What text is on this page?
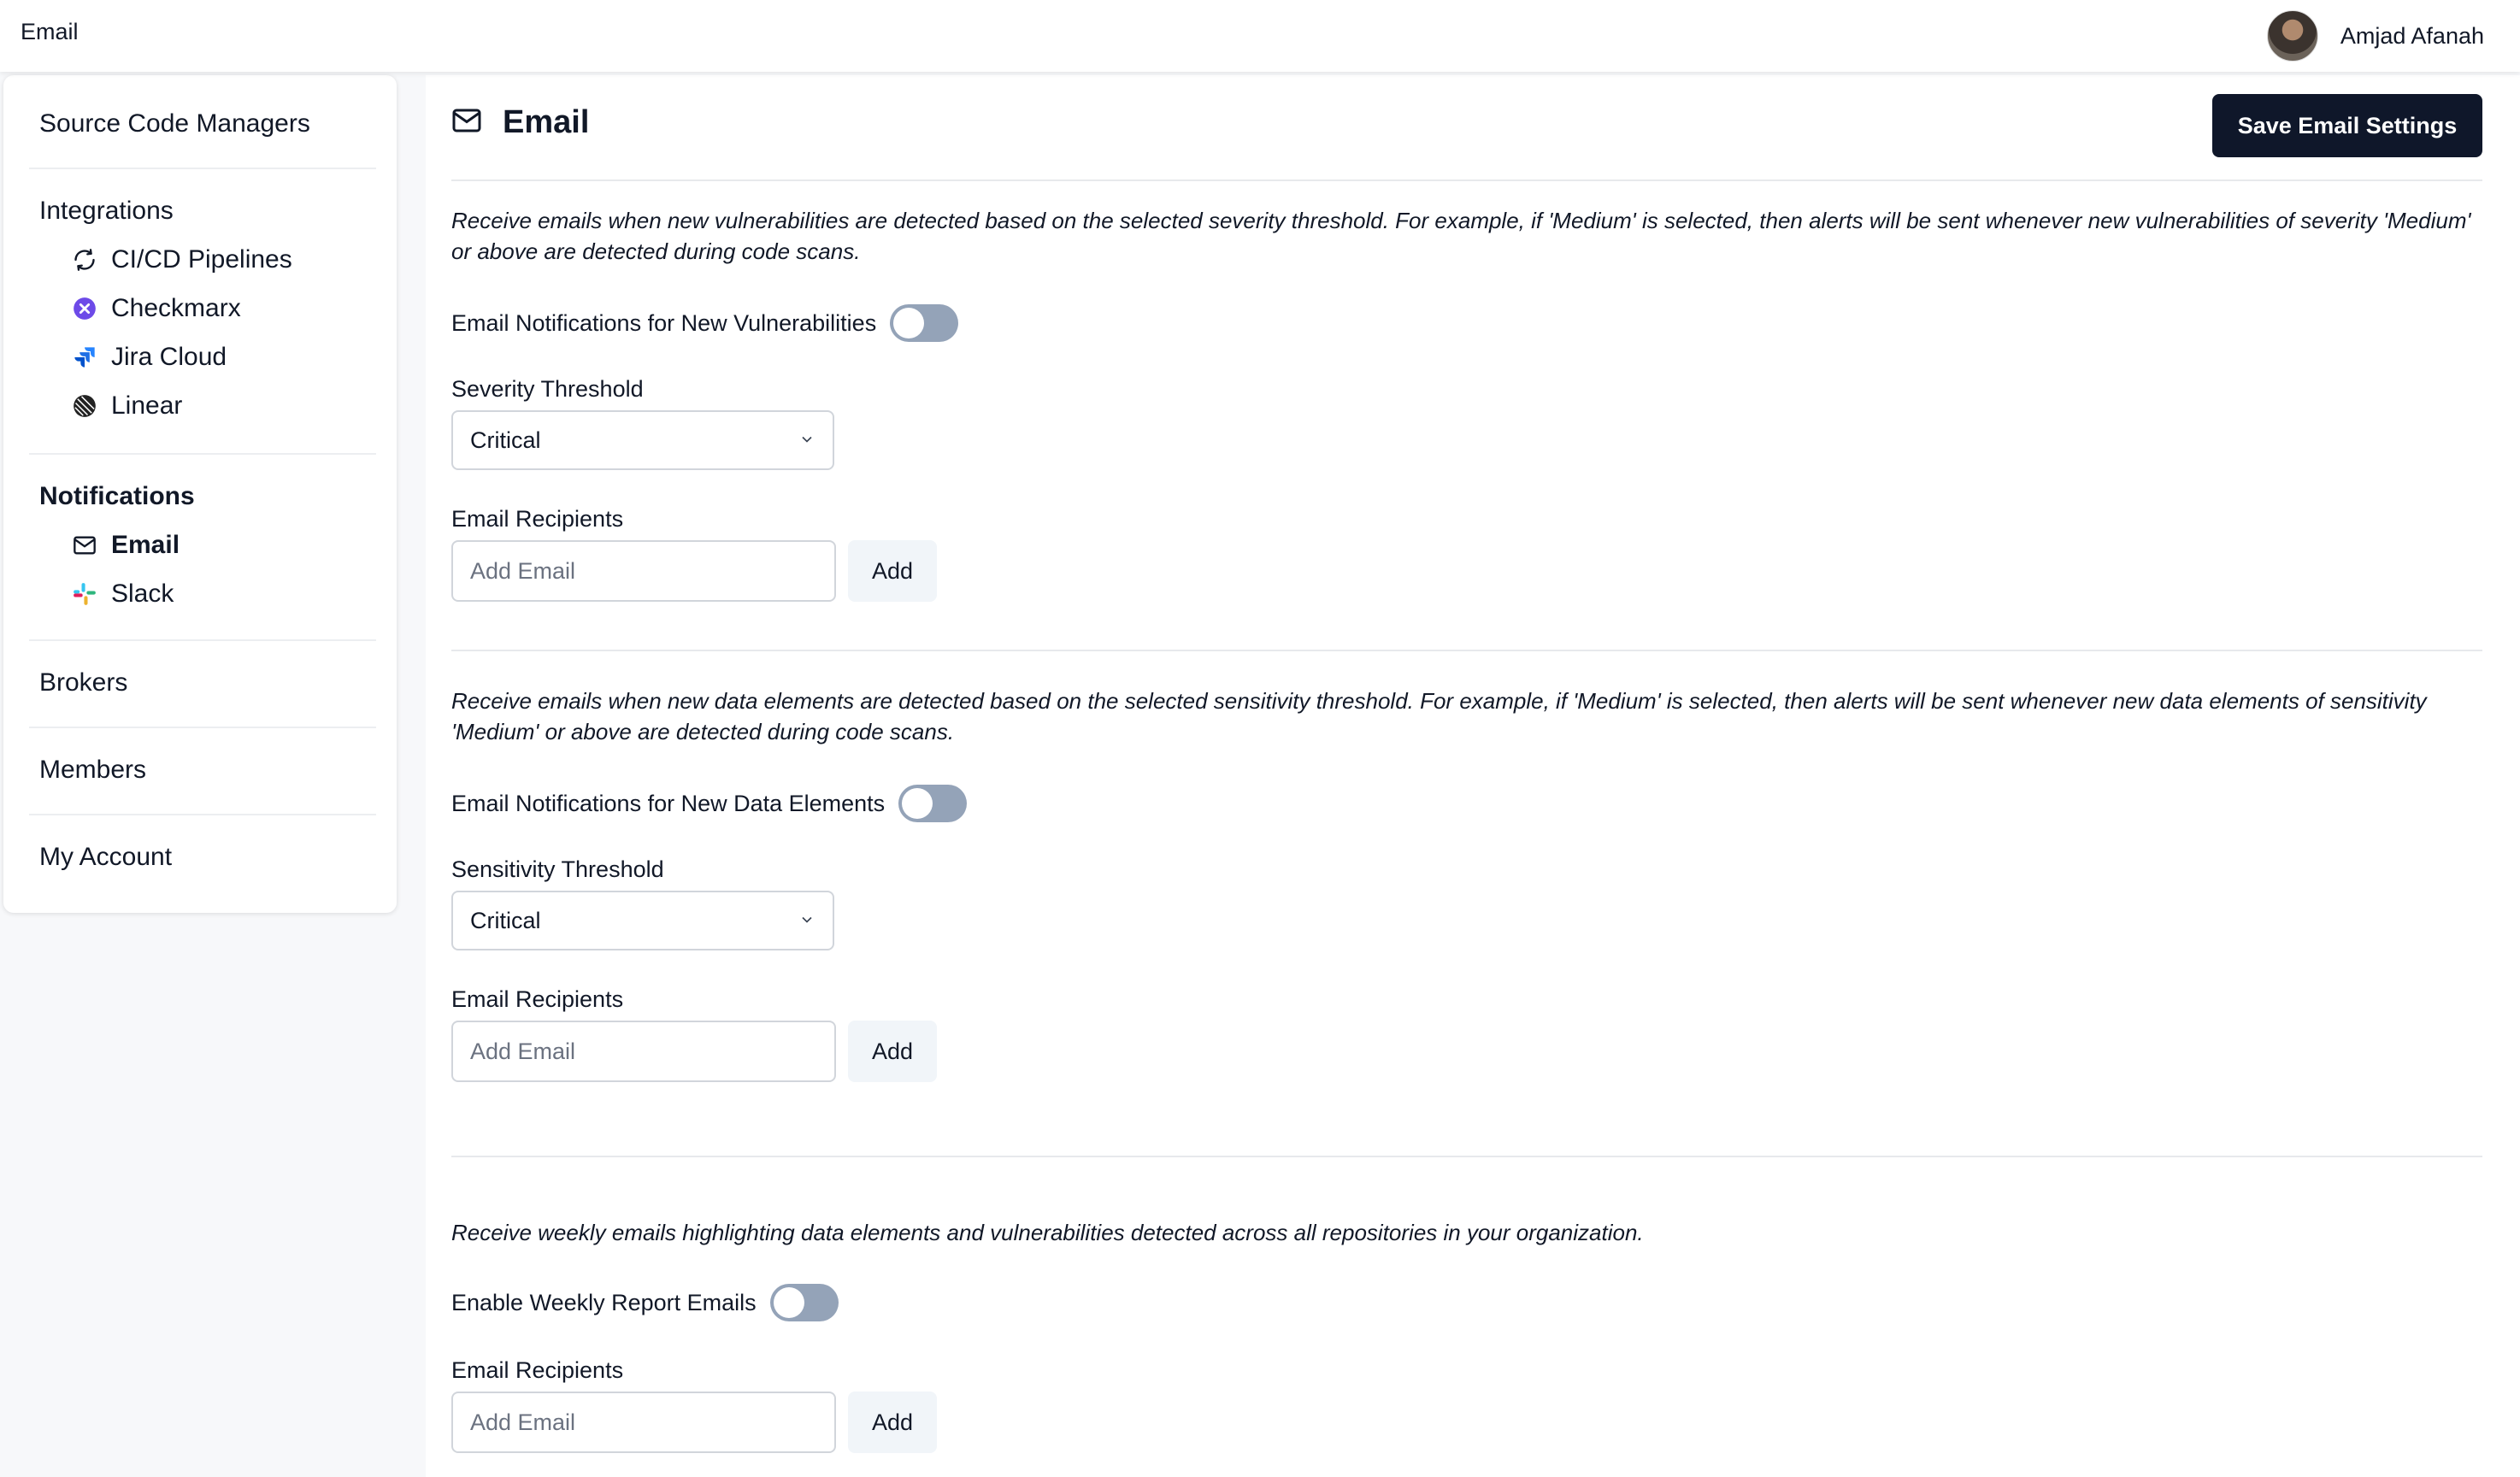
Email	Amjad Afanah
Source Code Managers
Integrations
CI/CD Pipelines
Checkmarx
Jira Cloud
Linear
Notifications
Email
Slack
Brokers
Members
My Account
Email	Save Email Settings
Receive emails when new vulnerabilities are detected based on the selected severity threshold. For example, if 'Medium' is selected, then alerts will be sent whenever new vulnerabilities of severity 'Medium' or above are detected during code scans.
Email Notifications for New Vulnerabilities
Severity Threshold
Critical
Email Recipients
Add Email
Add
Receive emails when new data elements are detected based on the selected sensitivity threshold. For example, if 'Medium' is selected, then alerts will be sent whenever new data elements of sensitivity 'Medium' or above are detected during code scans.
Email Notifications for New Data Elements
Sensitivity Threshold
Critical
Email Recipients
Add Email
Add
Receive weekly emails highlighting data elements and vulnerabilities detected across all repositories in your organization.
Enable Weekly Report Emails
Email Recipients
Add Email
Add
